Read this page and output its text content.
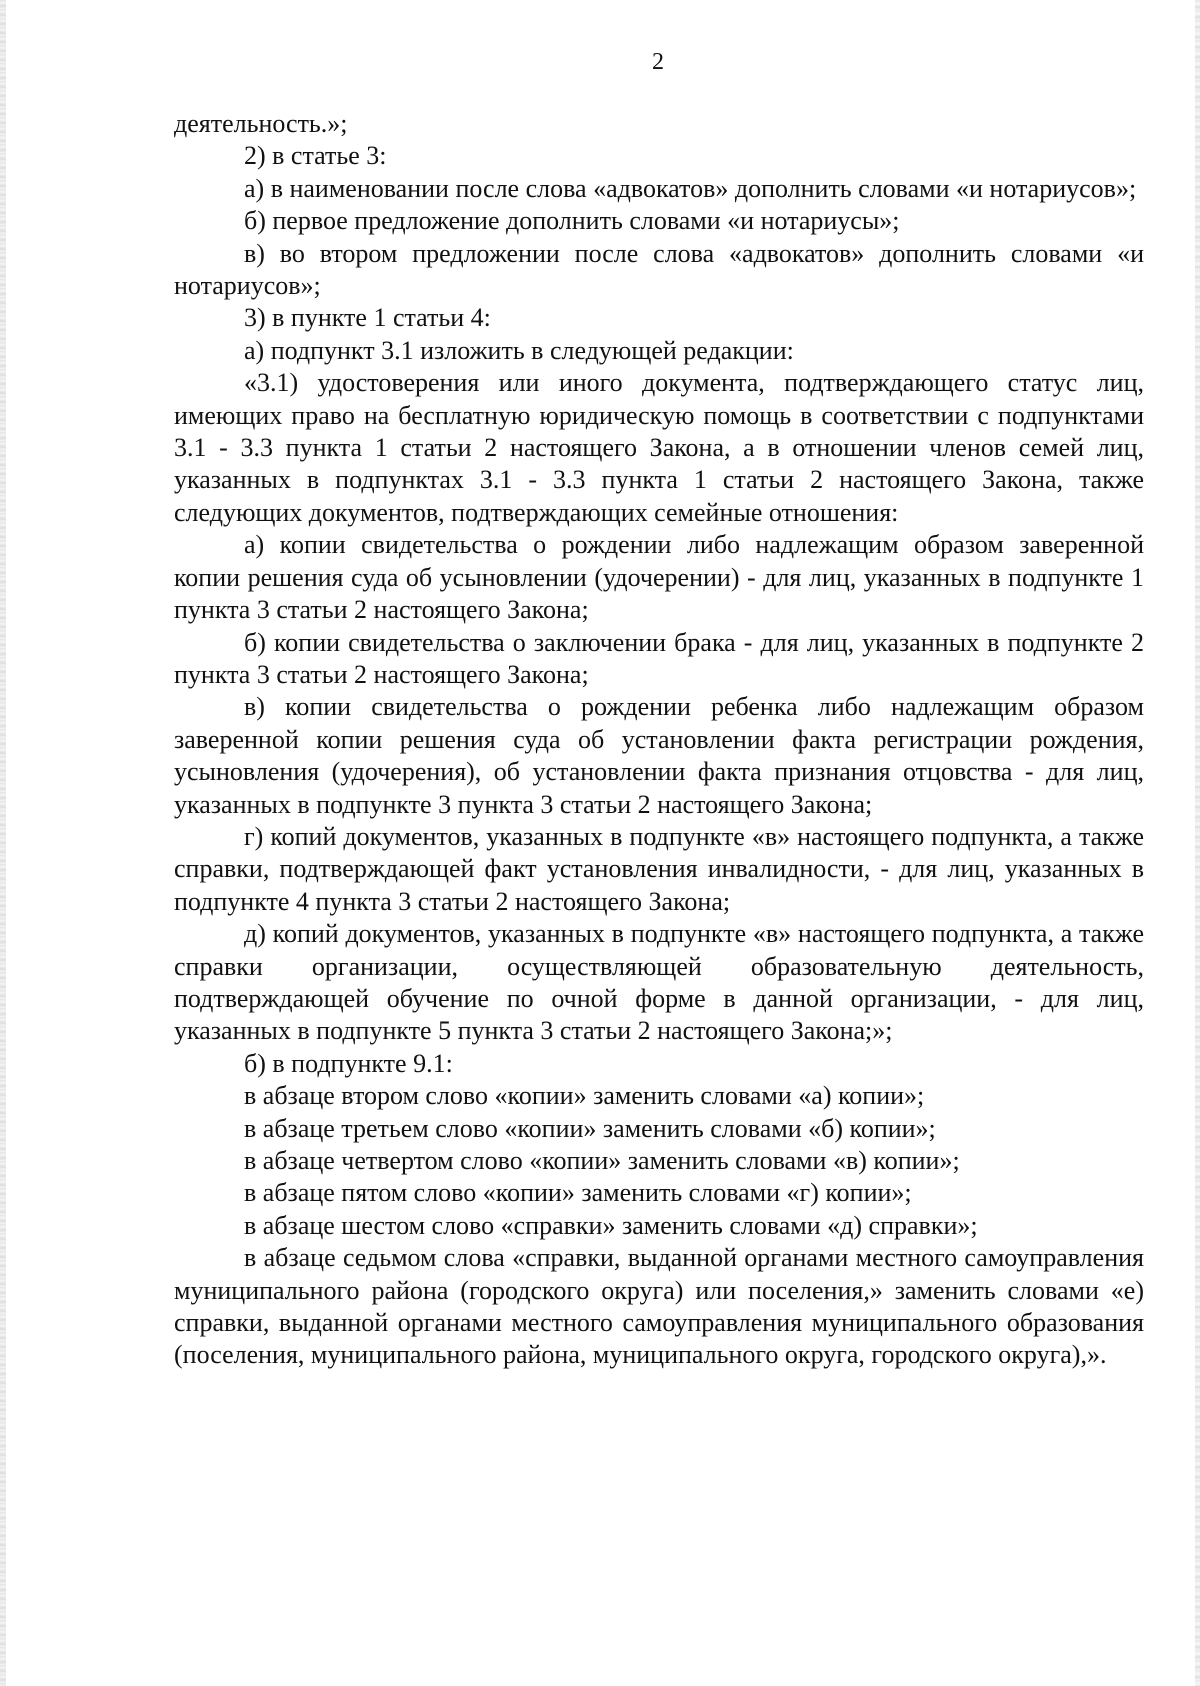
2

деятельность.»;

2) в статье 3:

а) в наименовании после слова «адвокатов» дополнить словами «и нотариусов»;

б) первое предложение дополнить словами «и нотариусы»;

в) во втором предложении после слова «адвокатов» дополнить словами «и нотариусов»;

3) в пункте 1 статьи 4:

а) подпункт 3.1 изложить в следующей редакции:

«3.1) удостоверения или иного документа, подтверждающего статус лиц, имеющих право на бесплатную юридическую помощь в соответствии с подпунктами 3.1 - 3.3 пункта 1 статьи 2 настоящего Закона, а в отношении членов семей лиц, указанных в подпунктах 3.1 - 3.3 пункта 1 статьи 2 настоящего Закона, также следующих документов, подтверждающих семейные отношения:

а) копии свидетельства о рождении либо надлежащим образом заверенной копии решения суда об усыновлении (удочерении) - для лиц, указанных в подпункте 1 пункта 3 статьи 2 настоящего Закона;

б) копии свидетельства о заключении брака - для лиц, указанных в подпункте 2 пункта 3 статьи 2 настоящего Закона;

в) копии свидетельства о рождении ребенка либо надлежащим образом заверенной копии решения суда об установлении факта регистрации рождения, усыновления (удочерения), об установлении факта признания отцовства - для лиц, указанных в подпункте 3 пункта 3 статьи 2 настоящего Закона;

г) копий документов, указанных в подпункте «в» настоящего подпункта, а также справки, подтверждающей факт установления инвалидности, - для лиц, указанных в подпункте 4 пункта 3 статьи 2 настоящего Закона;

д) копий документов, указанных в подпункте «в» настоящего подпункта, а также справки организации, осуществляющей образовательную деятельность, подтверждающей обучение по очной форме в данной организации, - для лиц, указанных в подпункте 5 пункта 3 статьи 2 настоящего Закона;»;

б) в подпункте 9.1:

в абзаце втором слово «копии» заменить словами «а) копии»;

в абзаце третьем слово «копии» заменить словами «б) копии»;

в абзаце четвертом слово «копии» заменить словами «в) копии»;

в абзаце пятом слово «копии» заменить словами «г) копии»;

в абзаце шестом слово «справки» заменить словами «д) справки»;

в абзаце седьмом слова «справки, выданной органами местного самоуправления муниципального района (городского округа) или поселения,» заменить словами «е) справки, выданной органами местного самоуправления муниципального образования (поселения, муниципального района, муниципального округа, городского округа),».
